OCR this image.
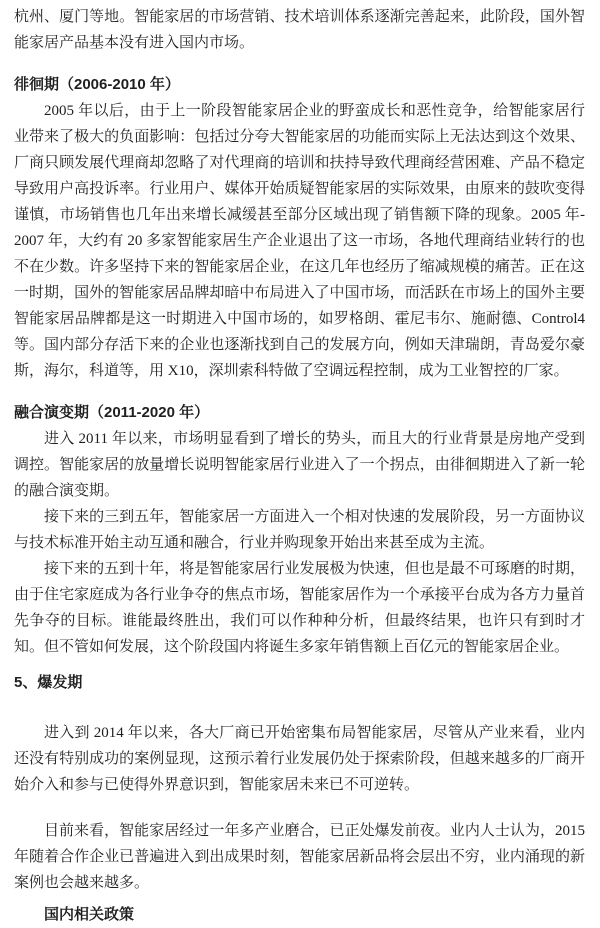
杭州、厦门等地。智能家居的市场营销、技术培训体系逐渐完善起来，此阶段，国外智能家居产品基本没有进入国内市场。

徘徊期（2006-2010 年）

2005 年以后，由于上一阶段智能家居企业的野蛮成长和恶性竞争，给智能家居行业带来了极大的负面影响：包括过分夸大智能家居的功能而实际上无法达到这个效果、厂商只顾发展代理商却忽略了对代理商的培训和扶持导致代理商经营困难、产品不稳定导致用户高投诉率。行业用户、媒体开始质疑智能家居的实际效果，由原来的鼓吹变得谨慎，市场销售也几年出来增长减缓甚至部分区域出现了销售额下降的现象。2005 年-2007 年，大约有 20 多家智能家居生产企业退出了这一市场，各地代理商结业转行的也不在少数。许多坚持下来的智能家居企业，在这几年也经历了缩减规模的痛苦。正在这一时期，国外的智能家居品牌却暗中布局进入了中国市场，而活跃在市场上的国外主要智能家居品牌都是这一时期进入中国市场的，如罗格朗、霍尼韦尔、施耐德、Control4 等。国内部分存活下来的企业也逐渐找到自己的发展方向，例如天津瑞朗，青岛爱尔豪斯，海尔，科道等，用 X10，深圳索科特做了空调远程控制，成为工业智控的厂家。

融合演变期（2011-2020 年）

进入 2011 年以来，市场明显看到了增长的势头，而且大的行业背景是房地产受到调控。智能家居的放量增长说明智能家居行业进入了一个拐点，由徘徊期进入了新一轮的融合演变期。

接下来的三到五年，智能家居一方面进入一个相对快速的发展阶段，另一方面协议与技术标准开始主动互通和融合，行业并购现象开始出来甚至成为主流。

接下来的五到十年，将是智能家居行业发展极为快速，但也是最不可琢磨的时期，由于住宅家庭成为各行业争夺的焦点市场，智能家居作为一个承接平台成为各方力量首先争夺的目标。谁能最终胜出，我们可以作种种分析，但最终结果，也许只有到时才知。但不管如何发展，这个阶段国内将诞生多家年销售额上百亿元的智能家居企业。

5、爆发期

进入到 2014 年以来，各大厂商已开始密集布局智能家居，尽管从产业来看，业内还没有特别成功的案例显现，这预示着行业发展仍处于探索阶段，但越来越多的厂商开始介入和参与已使得外界意识到，智能家居未来已不可逆转。

目前来看，智能家居经过一年多产业磨合，已正处爆发前夜。业内人士认为，2015 年随着合作企业已普遍进入到出成果时刻，智能家居新品将会层出不穷，业内涌现的新案例也会越来越多。

国内相关政策
